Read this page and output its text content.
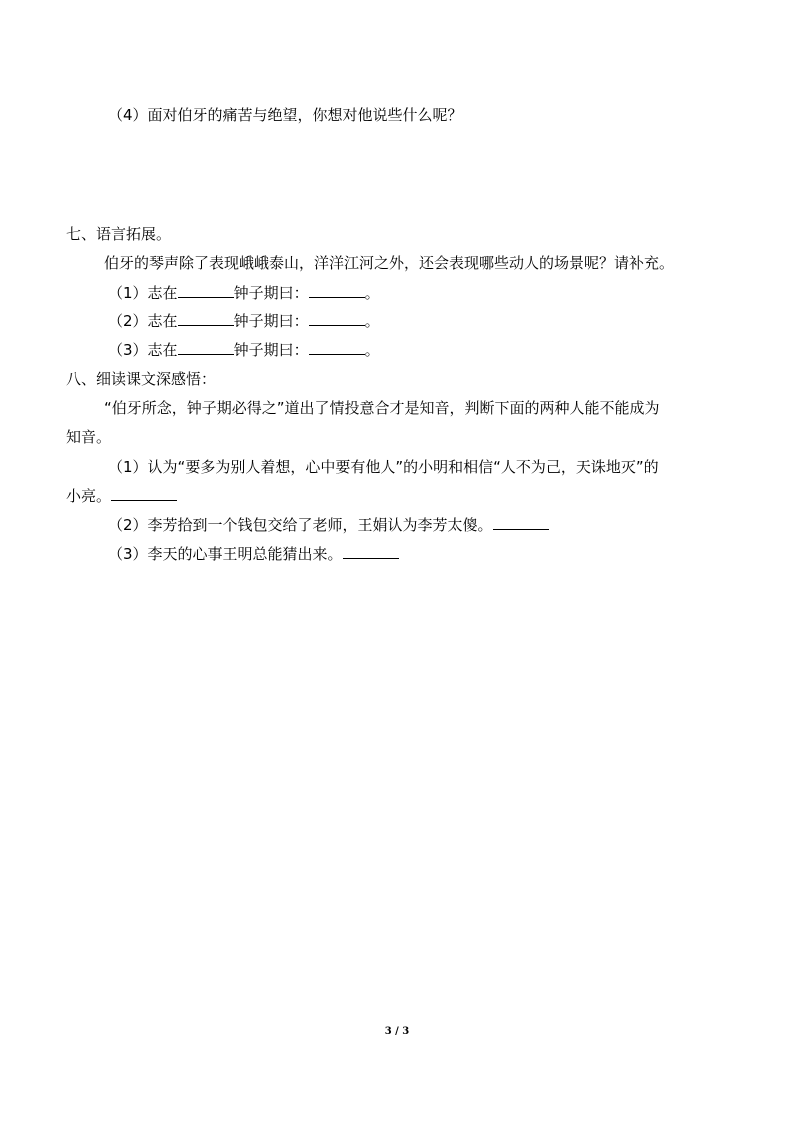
（4）面对伯牙的痛苦与绝望，你想对他说些什么呢？
七、语言拓展。
伯牙的琴声除了表现峨峨泰山，洋洋江河之外，还会表现哪些动人的场景呢？请补充。
（1）志在	钟子期曰：	。
（2）志在	钟子期曰：	。
（3）志在	钟子期曰：	。
八、细读课文深感悟：
“伯牙所念，钟子期必得之”道出了情投意合才是知音，判断下面的两种人能不能成为
知音。
（1）认为“要多为别人着想，心中要有他人”的小明和相信“人不为己，天诛地灭”的
小亮。
（2）李芳拾到一个钱包交给了老师，王娟认为李芳太傻。
（3）李天的心事王明总能猜出来。
3 / 3
